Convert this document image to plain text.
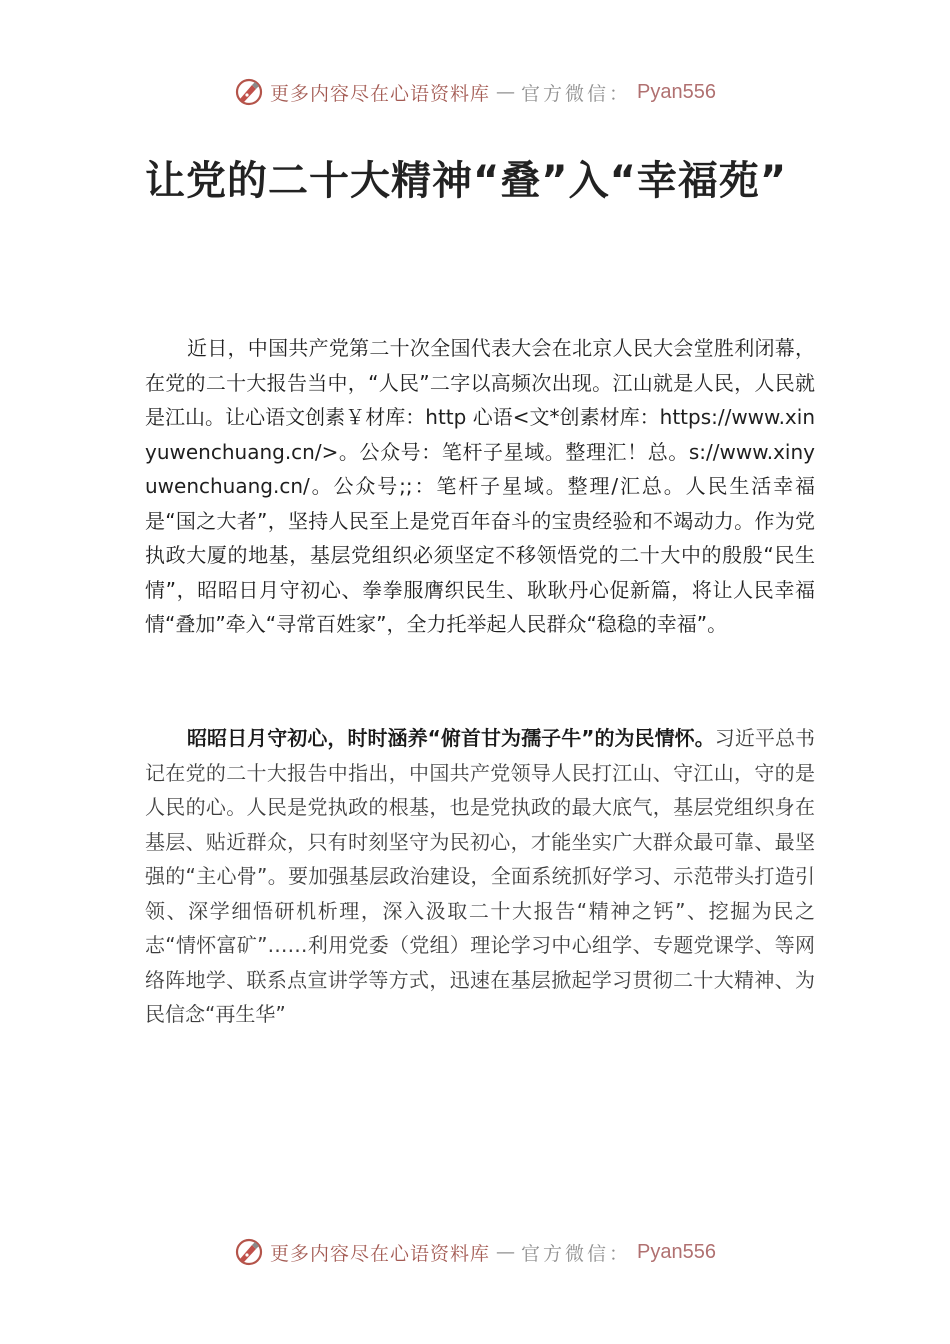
更多内容尽在心语资料库 — 官方微信： Pyan556
让党的二十大精神“叠”入“幸福苑”

近日，中国共产党第二十次全国代表大会在北京人民大会堂胜利闭幕，在党的二十大报告当中，“人民”二字以高频次出现。江山就是人民，人民就是江山。让心语文创素￥材库：http 心语<文*创素材库：https://www.xinyuwenchuang.cn/>。公众号：笔杆子星域。整理汇！总。s://www.xinyuwenchuang.cn/。公众号;;：笔杆子星域。整理/汇总。人民生活幸福是“国之大者”，坚持人民至上是党百年奋斗的宝贵经验和不竭动力。作为党执政大厦的地基，基层党组织必须坚定不移领悟党的二十大中的殷殷“民生情”，昭昭日月守初心、拳拳服膺织民生、耿耿丹心促新篇，将让人民幸福情“叠加”牵入“寻常百姓家”，全力托举起人民群众“稳稳的幸福”。

昭昭日月守初心，时时涵养“俯首甘为孺子牛”的为民情怀。习近平总书记在党的二十大报告中指出，中国共产党领导人民打江山、守江山，守的是人民的心。人民是党执政的根基，也是党执政的最大底气，基层党组织身在基层、贴近群众，只有时刻坚守为民初心，才能坐实广大群众最可靠、最坚强的“主心骨”。要加强基层政治建设，全面系统抓好学习、示范带头打造引领、深学细悟研机析理，深入汲取二十大报告“精神之钙”、挖掘为民之志“情怀富矿”……利用党委（党组）理论学习中心组学、专题党课学、等网络阵地学、联系点宣讲学等方式，迅速在基层掀起学习贯彻二十大精神、为民信念“再生华”

更多内容尽在心语资料库 — 官方微信： Pyan556
